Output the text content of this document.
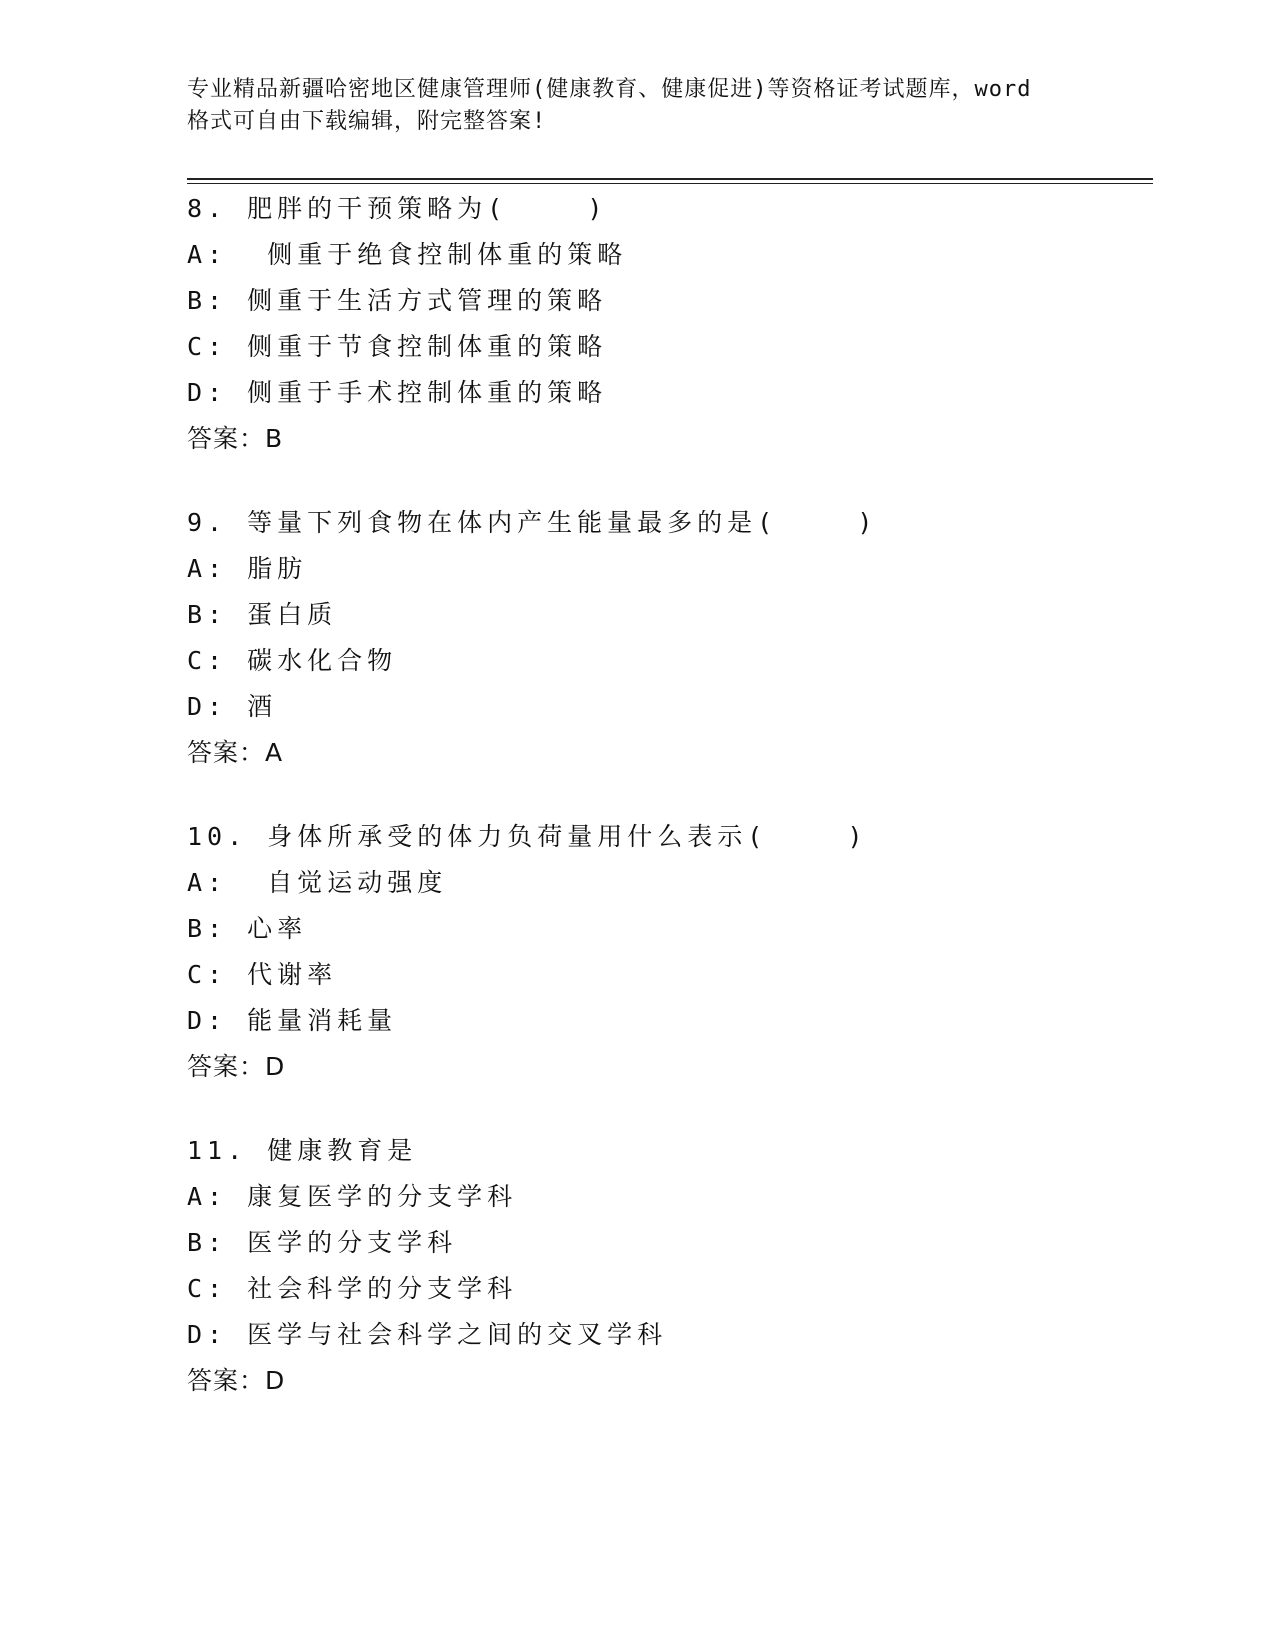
专业精品新疆哈密地区健康管理师(健康教育、健康促进)等资格证考试题库，word
格式可自由下载编辑，附完整答案!
8. 肥胖的干预策略为(    )
A:  侧重于绝食控制体重的策略
B: 侧重于生活方式管理的策略
C: 侧重于节食控制体重的策略
D: 侧重于手术控制体重的策略
答案：B
9. 等量下列食物在体内产生能量最多的是(    )
A: 脂肪
B: 蛋白质
C: 碳水化合物
D: 酒
答案：A
10. 身体所承受的体力负荷量用什么表示(    )
A:  自觉运动强度
B: 心率
C: 代谢率
D: 能量消耗量
答案：D
11. 健康教育是
A: 康复医学的分支学科
B: 医学的分支学科
C: 社会科学的分支学科
D: 医学与社会科学之间的交叉学科
答案：D
